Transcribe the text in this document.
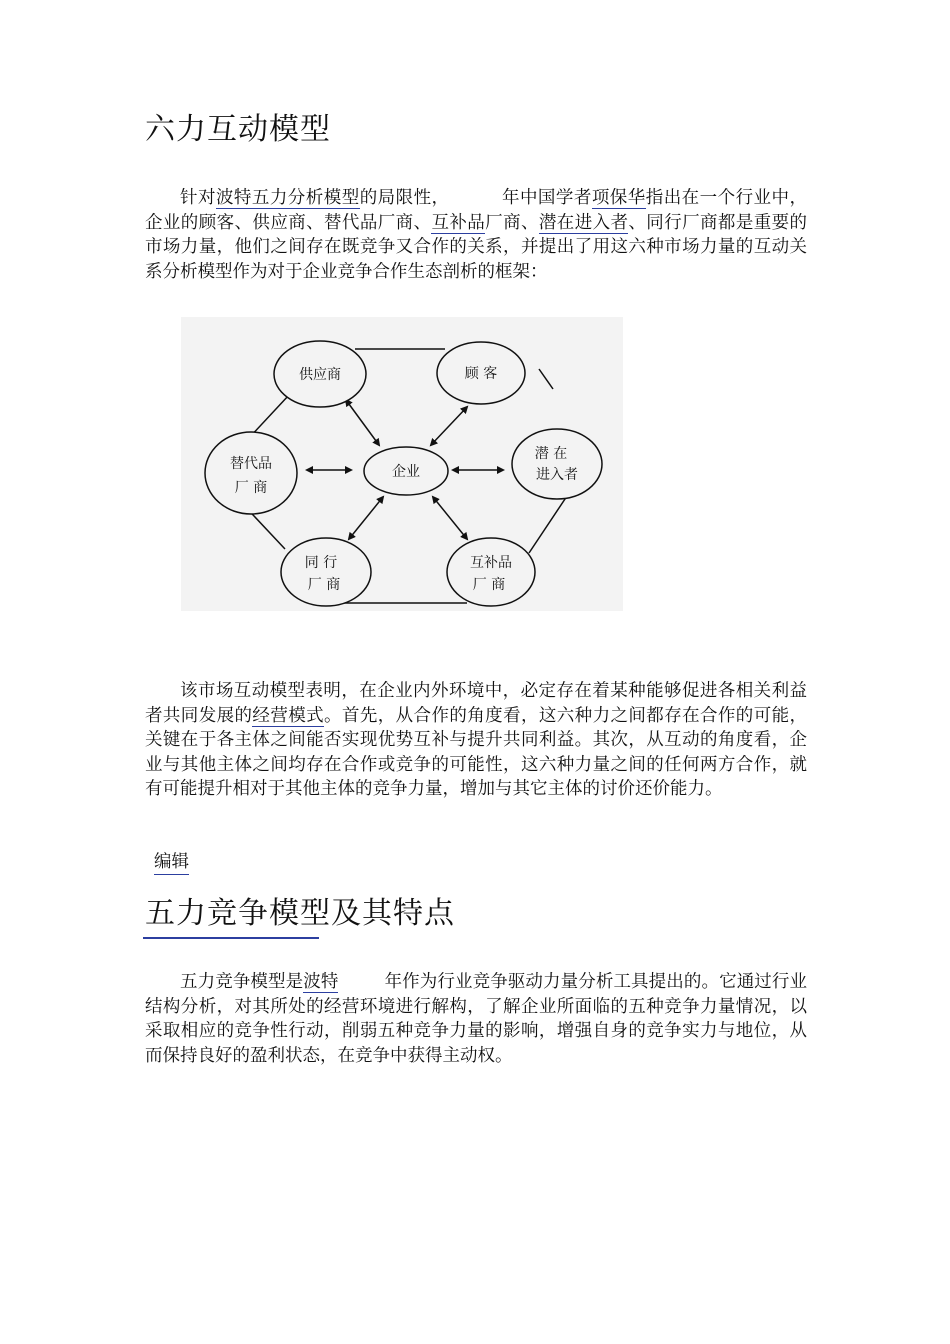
六力互动模型

针对波特五力分析模型的局限性，	年中国学者项保华指出在一个行业中，企业的顾客、供应商、替代品厂商、互补品厂商、潜在进入者、同行厂商都是重要的市场力量，他们之间存在既竞争又合作的关系，并提出了用这六种市场力量的互动关系分析模型作为对于企业竞争合作生态剖析的框架：

供应商	顾 客
替代品
厂 商
企业
潜 在
进入者
同 行
厂 商
互补品
厂 商

该市场互动模型表明，在企业内外环境中，必定存在着某种能够促进各相关利益者共同发展的经营模式。首先，从合作的角度看，这六种力之间都存在合作的可能，关键在于各主体之间能否实现优势互补与提升共同利益。其次，从互动的角度看，企业与其他主体之间均存在合作或竞争的可能性，这六种力量之间的任何两方合作，就有可能提升相对于其他主体的竞争力量，增加与其它主体的讨价还价能力。

编辑
五力竞争模型及其特点

五力竞争模型是波特	年作为行业竞争驱动力量分析工具提出的。它通过行业结构分析，对其所处的经营环境进行解构，了解企业所面临的五种竞争力量情况，以采取相应的竞争性行动，削弱五种竞争力量的影响，增强自身的竞争实力与地位，从而保持良好的盈利状态，在竞争中获得主动权。
